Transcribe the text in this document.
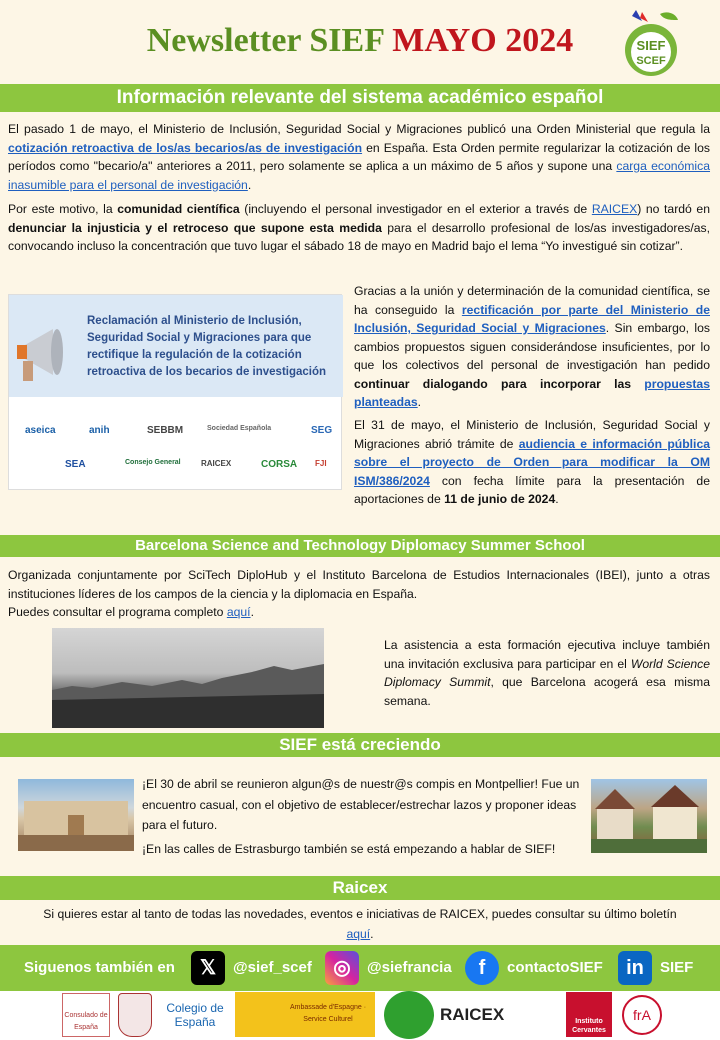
Newsletter SIEF MAYO 2024	SIEF
SCEF
Información relevante del sistema académico español
El pasado 1 de mayo, el Ministerio de Inclusión, Seguridad Social y Migraciones publicó una Orden Ministerial que regula la cotización retroactiva de los/as becarios/as de investigación en España. Esta Orden permite regularizar la cotización de los períodos como "becario/a" anteriores a 2011, pero solamente se aplica a un máximo de 5 años y supone una carga económica inasumible para el personal de investigación.
Por este motivo, la comunidad científica (incluyendo el personal investigador en el exterior a través de RAICEX) no tardó en denunciar la injusticia y el retroceso que supone esta medida para el desarrollo profesional de los/as investigadores/as, convocando incluso la concentración que tuvo lugar el sábado 18 de mayo en Madrid bajo el lema “Yo investigué sin cotizar”.
Reclamación al Ministerio de Inclusión, Seguridad Social y Migraciones para que rectifique la regulación de la cotización retroactiva de los becarios de investigación
aseica	anih	SEBBM	Sociedad Española	SEG
SEA	Consejo General	RAICEX	CORSA	FJI
Gracias a la unión y determinación de la comunidad científica, se ha conseguido la rectificación por parte del Ministerio de Inclusión, Seguridad Social y Migraciones. Sin embargo, los cambios propuestos siguen considerándose insuficientes, por lo que los colectivos del personal de investigación han pedido continuar dialogando para incorporar las propuestas planteadas.
El 31 de mayo, el Ministerio de Inclusión, Seguridad Social y Migraciones abrió trámite de audiencia e información pública sobre el proyecto de Orden para modificar la OM ISM/386/2024 con fecha límite para la presentación de aportaciones de 11 de junio de 2024.
Barcelona Science and Technology Diplomacy Summer School
Organizada conjuntamente por SciTech DiploHub y el Instituto Barcelona de Estudios Internacionales (IBEI), junto a otras instituciones líderes de los campos de la ciencia y la diplomacia en España.
Puedes consultar el programa completo aquí.
La asistencia a esta formación ejecutiva incluye también una invitación exclusiva para participar en el World Science Diplomacy Summit, que Barcelona acogerá esa misma semana.
SIEF está creciendo
¡El 30 de abril se reunieron algun@s de nuestr@s compis en Montpellier! Fue un encuentro casual, con el objetivo de establecer/estrechar lazos y proponer ideas para el futuro.
¡En las calles de Estrasburgo también se está empezando a hablar de SIEF!
Raicex
Si quieres estar al tanto de todas las novedades, eventos e iniciativas de RAICEX, puedes consultar su último boletín aquí.
Siguenos también en	𝕏	@sief_scef	◎	@siefrancia	f	contactoSIEF	in	SIEF
Consulado de España
Colegio de España
Ambassade d'Espagne · Service Culturel	RAICEX	Instituto Cervantes
frA
